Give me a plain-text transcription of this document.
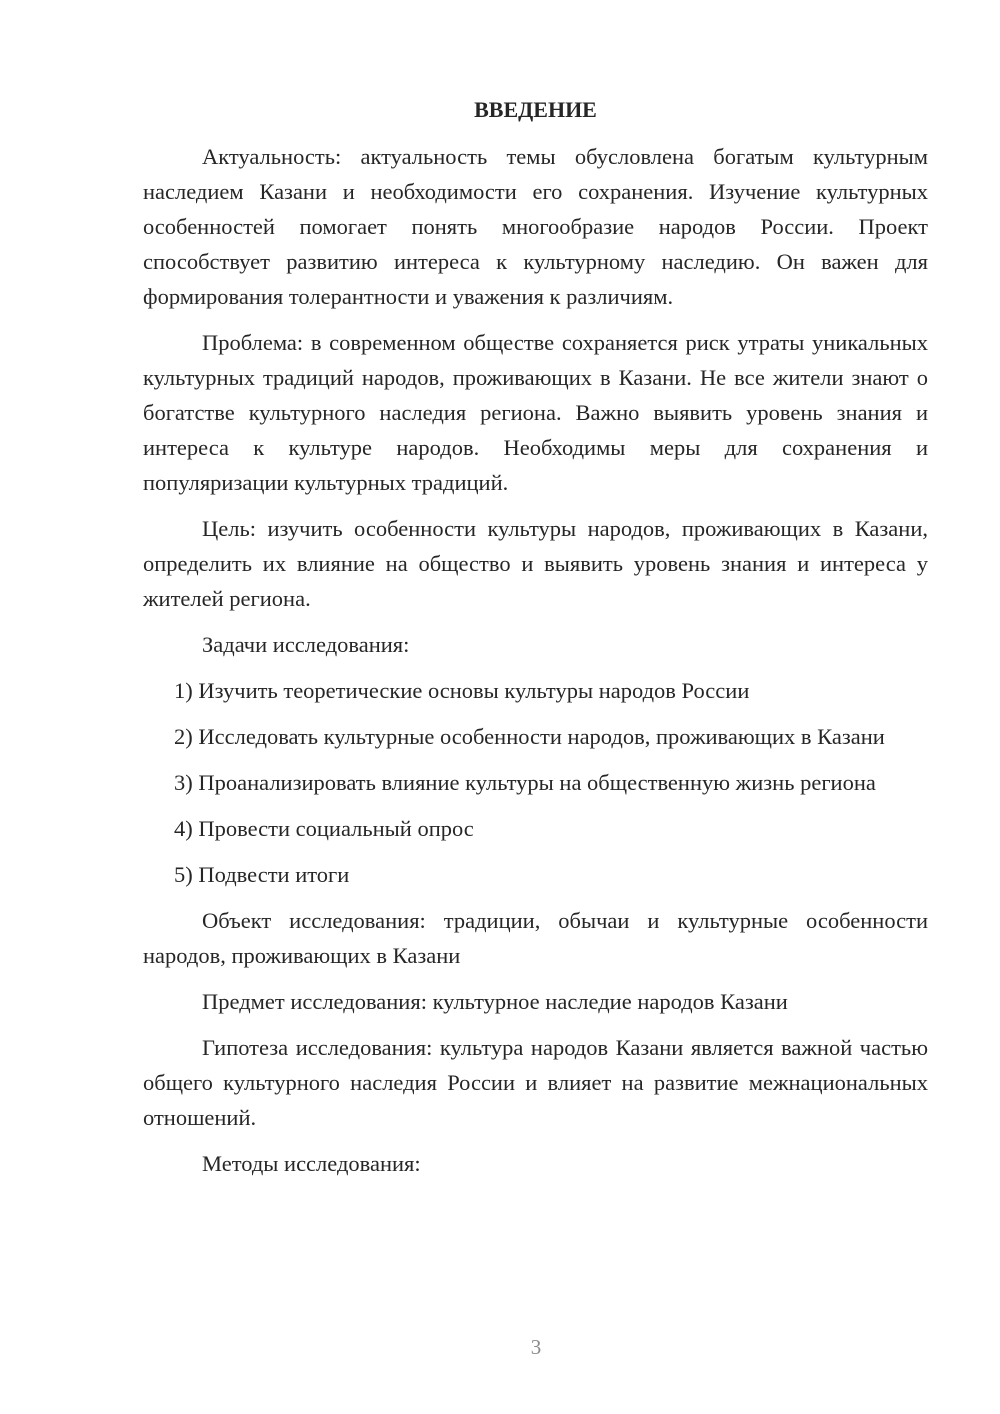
ВВЕДЕНИЕ
Актуальность: актуальность темы обусловлена богатым культурным наследием Казани и необходимости его сохранения. Изучение культурных особенностей помогает понять многообразие народов России. Проект способствует развитию интереса к культурному наследию. Он важен для формирования толерантности и уважения к различиям.
Проблема: в современном обществе сохраняется риск утраты уникальных культурных традиций народов, проживающих в Казани. Не все жители знают о богатстве культурного наследия региона. Важно выявить уровень знания и интереса к культуре народов. Необходимы меры для сохранения и популяризации культурных традиций.
Цель: изучить особенности культуры народов, проживающих в Казани, определить их влияние на общество и выявить уровень знания и интереса у жителей региона.
Задачи исследования:
1) Изучить теоретические основы культуры народов России
2) Исследовать культурные особенности народов, проживающих в Казани
3) Проанализировать влияние культуры на общественную жизнь региона
4) Провести социальный опрос
5) Подвести итоги
Объект исследования: традиции, обычаи и культурные особенности народов, проживающих в Казани
Предмет исследования: культурное наследие народов Казани
Гипотеза исследования: культура народов Казани является важной частью общего культурного наследия России и влияет на развитие межнациональных отношений.
Методы исследования:
3
